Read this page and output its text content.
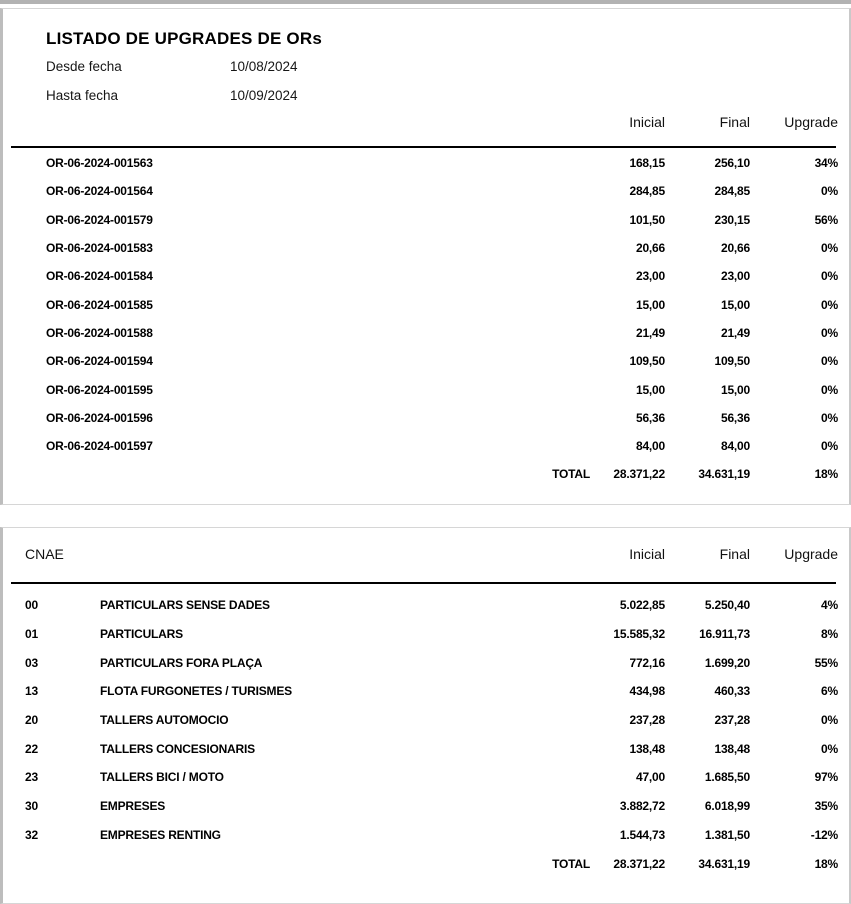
LISTADO DE UPGRADES DE ORs
Desde fecha	10/08/2024
Hasta fecha	10/09/2024
Inicial	Final	Upgrade
OR-06-2024-001563	168,15	256,10	34%
OR-06-2024-001564	284,85	284,85	0%
OR-06-2024-001579	101,50	230,15	56%
OR-06-2024-001583	20,66	20,66	0%
OR-06-2024-001584	23,00	23,00	0%
OR-06-2024-001585	15,00	15,00	0%
OR-06-2024-001588	21,49	21,49	0%
OR-06-2024-001594	109,50	109,50	0%
OR-06-2024-001595	15,00	15,00	0%
OR-06-2024-001596	56,36	56,36	0%
OR-06-2024-001597	84,00	84,00	0%
TOTAL	28.371,22	34.631,19	18%
CNAE	Inicial	Final	Upgrade
00	PARTICULARS SENSE DADES	5.022,85	5.250,40	4%
01	PARTICULARS	15.585,32	16.911,73	8%
03	PARTICULARS FORA PLAÇA	772,16	1.699,20	55%
13	FLOTA FURGONETES / TURISMES	434,98	460,33	6%
20	TALLERS AUTOMOCIO	237,28	237,28	0%
22	TALLERS CONCESIONARIS	138,48	138,48	0%
23	TALLERS BICI / MOTO	47,00	1.685,50	97%
30	EMPRESES	3.882,72	6.018,99	35%
32	EMPRESES RENTING	1.544,73	1.381,50	-12%
TOTAL	28.371,22	34.631,19	18%
